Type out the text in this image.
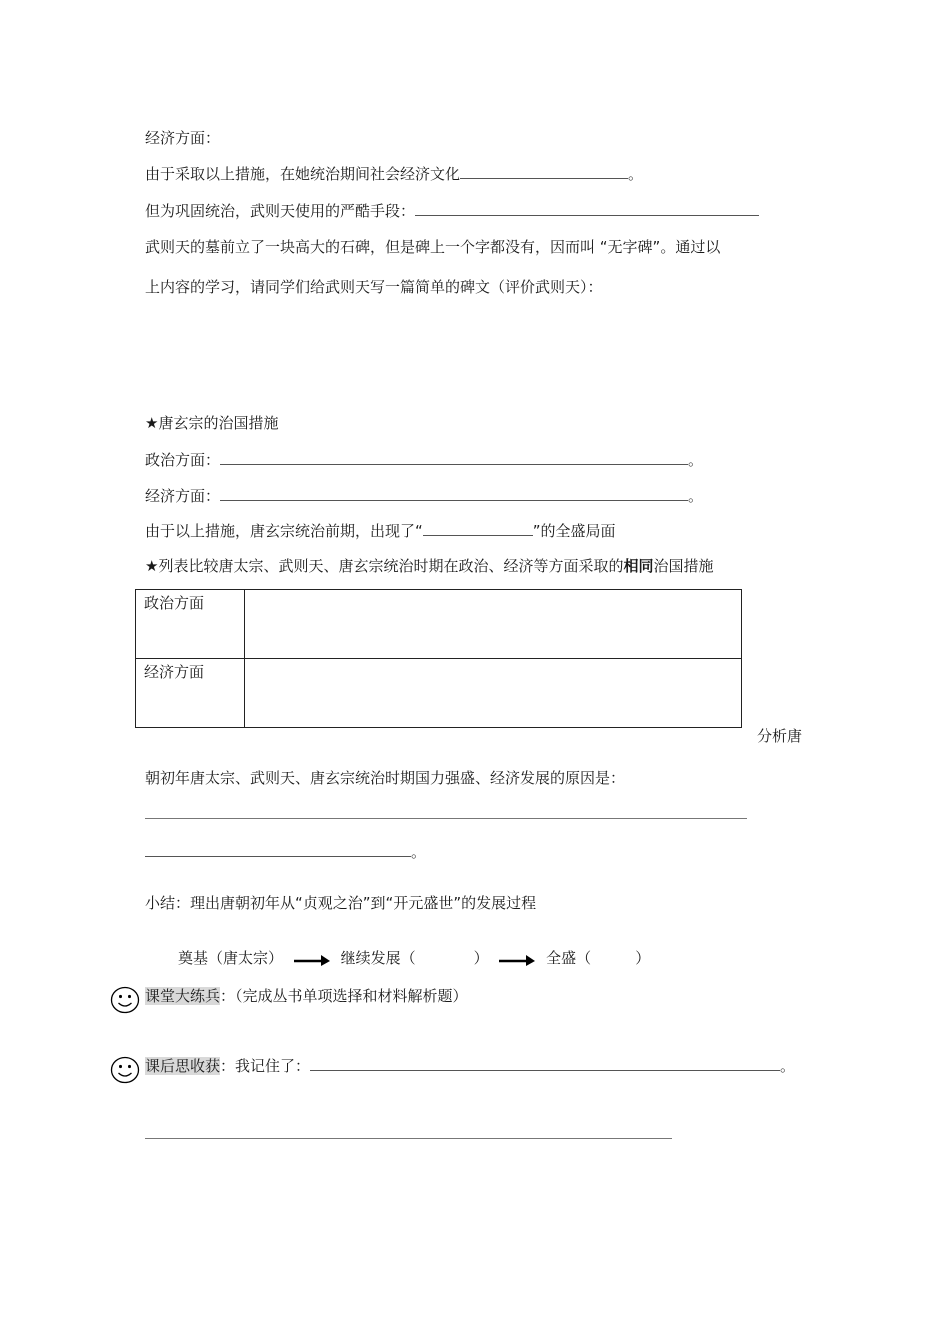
经济方面：
由于采取以上措施，在她统治期间社会经济文化	。
但为巩固统治，武则天使用的严酷手段：
武则天的墓前立了一块高大的石碑，但是碑上一个字都没有，因而叫 “无字碑”。通过以
上内容的学习，请同学们给武则天写一篇简单的碑文（评价武则天）：
★唐玄宗的治国措施
政治方面：	。
经济方面：	。
由于以上措施，唐玄宗统治前期，出现了“	”的全盛局面
★列表比较唐太宗、武则天、唐玄宗统治时期在政治、经济等方面采取的相同治国措施
政治方面	
经济方面	
分析唐
朝初年唐太宗、武则天、唐玄宗统治时期国力强盛、经济发展的原因是：
。
小结：理出唐朝初年从“贞观之治”到“开元盛世”的发展过程
奠基（唐太宗）	继续发展（	）	全盛（	）
课堂大练兵：（完成丛书单项选择和材料解析题）
课后思收获：我记住了：	。
